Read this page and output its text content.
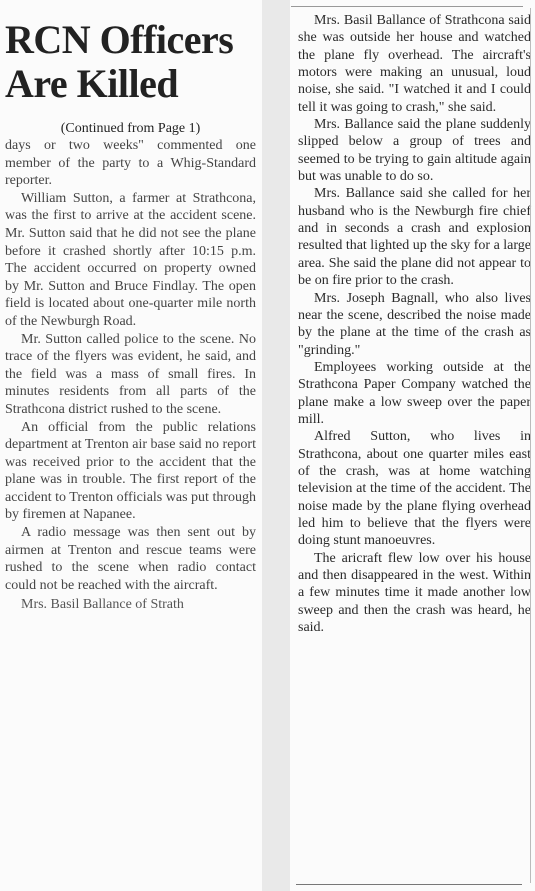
RCN Officers Are Killed
(Continued from Page 1)

days or two weeks" commented one member of the party to a Whig-Standard reporter.

William Sutton, a farmer at Strathcona, was the first to arrive at the accident scene. Mr. Sutton said that he did not see the plane before it crashed shortly after 10:15 p.m. The accident occurred on property owned by Mr. Sutton and Bruce Findlay. The open field is located about one-quarter mile north of the Newburgh Road.

Mr. Sutton called police to the scene. No trace of the flyers was evident, he said, and the field was a mass of small fires. In minutes residents from all parts of the Strathcona district rushed to the scene.

An official from the public relations department at Trenton air base said no report was received prior to the accident that the plane was in trouble. The first report of the accident to Trenton officials was put through by firemen at Napanee.

A radio message was then sent out by airmen at Trenton and rescue teams were rushed to the scene when radio contact could not be reached with the aircraft.

Mrs. Basil Ballance of Strath

Mrs. Basil Ballance of Strathcona said she was outside her house and watched the plane fly overhead. The aircraft's motors were making an unusual, loud noise, she said. "I watched it and I could tell it was going to crash," she said.

Mrs. Ballance said the plane suddenly slipped below a group of trees and seemed to be trying to gain altitude again but was unable to do so.

Mrs. Ballance said she called for her husband who is the Newburgh fire chief and in seconds a crash and explosion resulted that lighted up the sky for a large area. She said the plane did not appear to be on fire prior to the crash.

Mrs. Joseph Bagnall, who also lives near the scene, described the noise made by the plane at the time of the crash as "grinding."

Employees working outside at the Strathcona Paper Company watched the plane make a low sweep over the paper mill.

Alfred Sutton, who lives in Strathcona, about one quarter miles east of the crash, was at home watching television at the time of the accident. The noise made by the plane flying overhead led him to believe that the flyers were doing stunt manoeuvres.

The aricraft flew low over his house and then disappeared in the west. Within a few minutes time it made another low sweep and then the crash was heard, he said.
